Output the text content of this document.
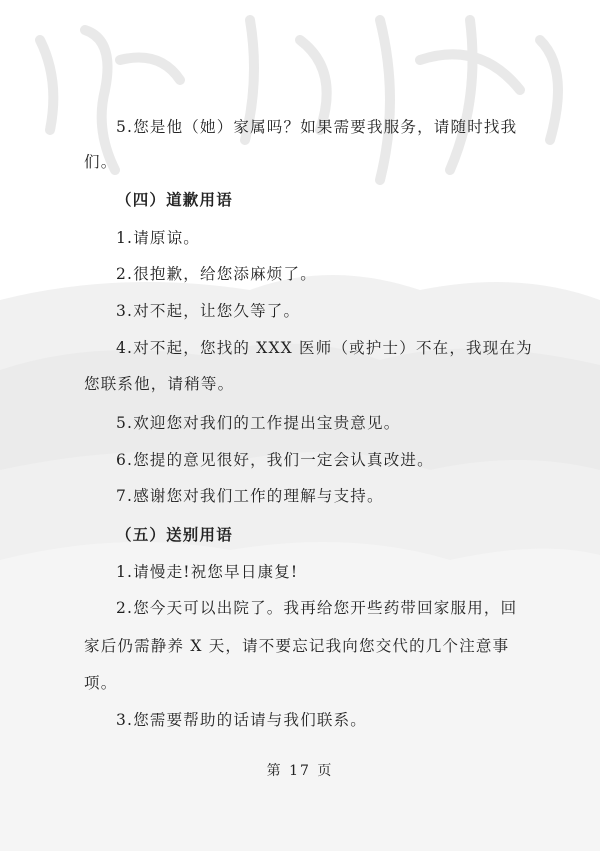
5.您是他（她）家属吗？如果需要我服务，请随时找我
们。
（四）道歉用语
1.请原谅。
2.很抱歉，给您添麻烦了。
3.对不起，让您久等了。
4.对不起，您找的 XXX 医师（或护士）不在，我现在为
您联系他，请稍等。
5.欢迎您对我们的工作提出宝贵意见。
6.您提的意见很好，我们一定会认真改进。
7.感谢您对我们工作的理解与支持。
（五）送别用语
1.请慢走!祝您早日康复!
2.您今天可以出院了。我再给您开些药带回家服用，回
家后仍需静养 X 天，请不要忘记我向您交代的几个注意事
项。
3.您需要帮助的话请与我们联系。
第 17 页
